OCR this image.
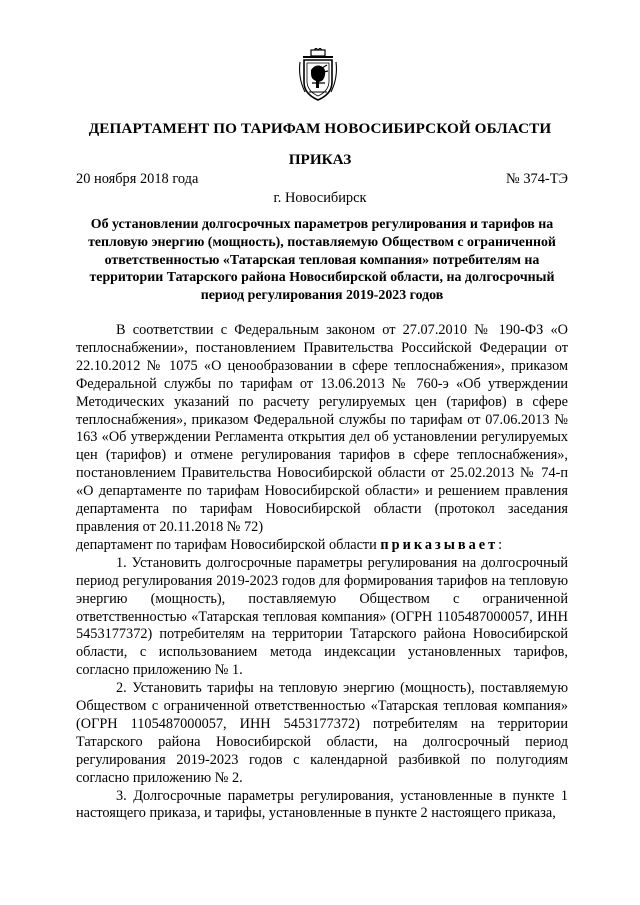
ДЕПАРТАМЕНТ ПО ТАРИФАМ НОВОСИБИРСКОЙ ОБЛАСТИ
ПРИКАЗ
20 ноября 2018 года	№ 374-ТЭ
г. Новосибирск
Об установлении долгосрочных параметров регулирования и тарифов на тепловую энергию (мощность), поставляемую Обществом с ограниченной ответственностью «Татарская тепловая компания» потребителям на территории Татарского района Новосибирской области, на долгосрочный период регулирования 2019-2023 годов

В соответствии с Федеральным законом от 27.07.2010 № 190-ФЗ «О теплоснабжении», постановлением Правительства Российской Федерации от 22.10.2012 № 1075 «О ценообразовании в сфере теплоснабжения», приказом Федеральной службы по тарифам от 13.06.2013 № 760-э «Об утверждении Методических указаний по расчету регулируемых цен (тарифов) в сфере теплоснабжения», приказом Федеральной службы по тарифам от 07.06.2013 № 163 «Об утверждении Регламента открытия дел об установлении регулируемых цен (тарифов) и отмене регулирования тарифов в сфере теплоснабжения», постановлением Правительства Новосибирской области от 25.02.2013 № 74-п «О департаменте по тарифам Новосибирской области» и решением правления департамента по тарифам Новосибирской области (протокол заседания правления от 20.11.2018 № 72)

департамент по тарифам Новосибирской области приказывает:

1. Установить долгосрочные параметры регулирования на долгосрочный период регулирования 2019-2023 годов для формирования тарифов на тепловую энергию (мощность), поставляемую Обществом с ограниченной ответственностью «Татарская тепловая компания» (ОГРН 1105487000057, ИНН 5453177372) потребителям на территории Татарского района Новосибирской области, с использованием метода индексации установленных тарифов, согласно приложению № 1.

2. Установить тарифы на тепловую энергию (мощность), поставляемую Обществом с ограниченной ответственностью «Татарская тепловая компания» (ОГРН 1105487000057, ИНН 5453177372) потребителям на территории Татарского района Новосибирской области, на долгосрочный период регулирования 2019-2023 годов с календарной разбивкой по полугодиям согласно приложению № 2.

3. Долгосрочные параметры регулирования, установленные в пункте 1 настоящего приказа, и тарифы, установленные в пункте 2 настоящего приказа,
